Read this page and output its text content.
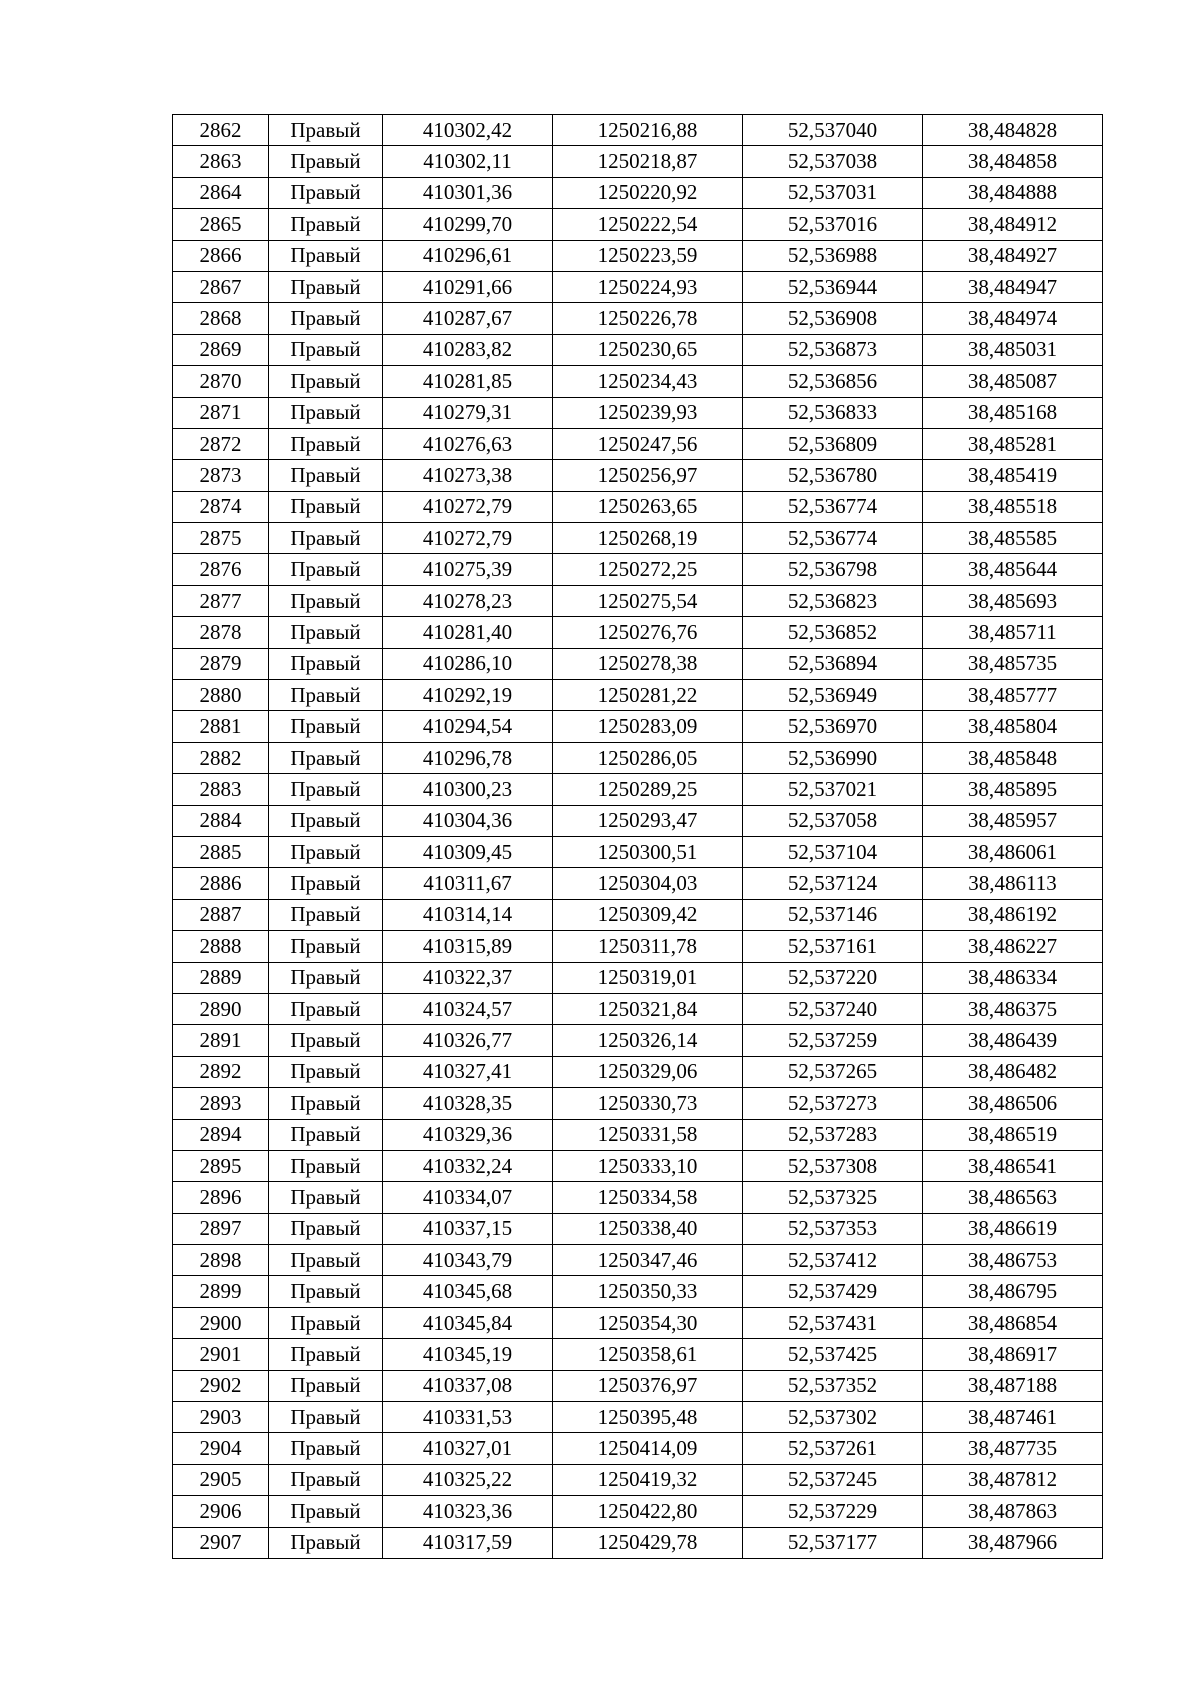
2862	Правый	410302,42	1250216,88	52,537040	38,484828
2863	Правый	410302,11	1250218,87	52,537038	38,484858
2864	Правый	410301,36	1250220,92	52,537031	38,484888
2865	Правый	410299,70	1250222,54	52,537016	38,484912
2866	Правый	410296,61	1250223,59	52,536988	38,484927
2867	Правый	410291,66	1250224,93	52,536944	38,484947
2868	Правый	410287,67	1250226,78	52,536908	38,484974
2869	Правый	410283,82	1250230,65	52,536873	38,485031
2870	Правый	410281,85	1250234,43	52,536856	38,485087
2871	Правый	410279,31	1250239,93	52,536833	38,485168
2872	Правый	410276,63	1250247,56	52,536809	38,485281
2873	Правый	410273,38	1250256,97	52,536780	38,485419
2874	Правый	410272,79	1250263,65	52,536774	38,485518
2875	Правый	410272,79	1250268,19	52,536774	38,485585
2876	Правый	410275,39	1250272,25	52,536798	38,485644
2877	Правый	410278,23	1250275,54	52,536823	38,485693
2878	Правый	410281,40	1250276,76	52,536852	38,485711
2879	Правый	410286,10	1250278,38	52,536894	38,485735
2880	Правый	410292,19	1250281,22	52,536949	38,485777
2881	Правый	410294,54	1250283,09	52,536970	38,485804
2882	Правый	410296,78	1250286,05	52,536990	38,485848
2883	Правый	410300,23	1250289,25	52,537021	38,485895
2884	Правый	410304,36	1250293,47	52,537058	38,485957
2885	Правый	410309,45	1250300,51	52,537104	38,486061
2886	Правый	410311,67	1250304,03	52,537124	38,486113
2887	Правый	410314,14	1250309,42	52,537146	38,486192
2888	Правый	410315,89	1250311,78	52,537161	38,486227
2889	Правый	410322,37	1250319,01	52,537220	38,486334
2890	Правый	410324,57	1250321,84	52,537240	38,486375
2891	Правый	410326,77	1250326,14	52,537259	38,486439
2892	Правый	410327,41	1250329,06	52,537265	38,486482
2893	Правый	410328,35	1250330,73	52,537273	38,486506
2894	Правый	410329,36	1250331,58	52,537283	38,486519
2895	Правый	410332,24	1250333,10	52,537308	38,486541
2896	Правый	410334,07	1250334,58	52,537325	38,486563
2897	Правый	410337,15	1250338,40	52,537353	38,486619
2898	Правый	410343,79	1250347,46	52,537412	38,486753
2899	Правый	410345,68	1250350,33	52,537429	38,486795
2900	Правый	410345,84	1250354,30	52,537431	38,486854
2901	Правый	410345,19	1250358,61	52,537425	38,486917
2902	Правый	410337,08	1250376,97	52,537352	38,487188
2903	Правый	410331,53	1250395,48	52,537302	38,487461
2904	Правый	410327,01	1250414,09	52,537261	38,487735
2905	Правый	410325,22	1250419,32	52,537245	38,487812
2906	Правый	410323,36	1250422,80	52,537229	38,487863
2907	Правый	410317,59	1250429,78	52,537177	38,487966
